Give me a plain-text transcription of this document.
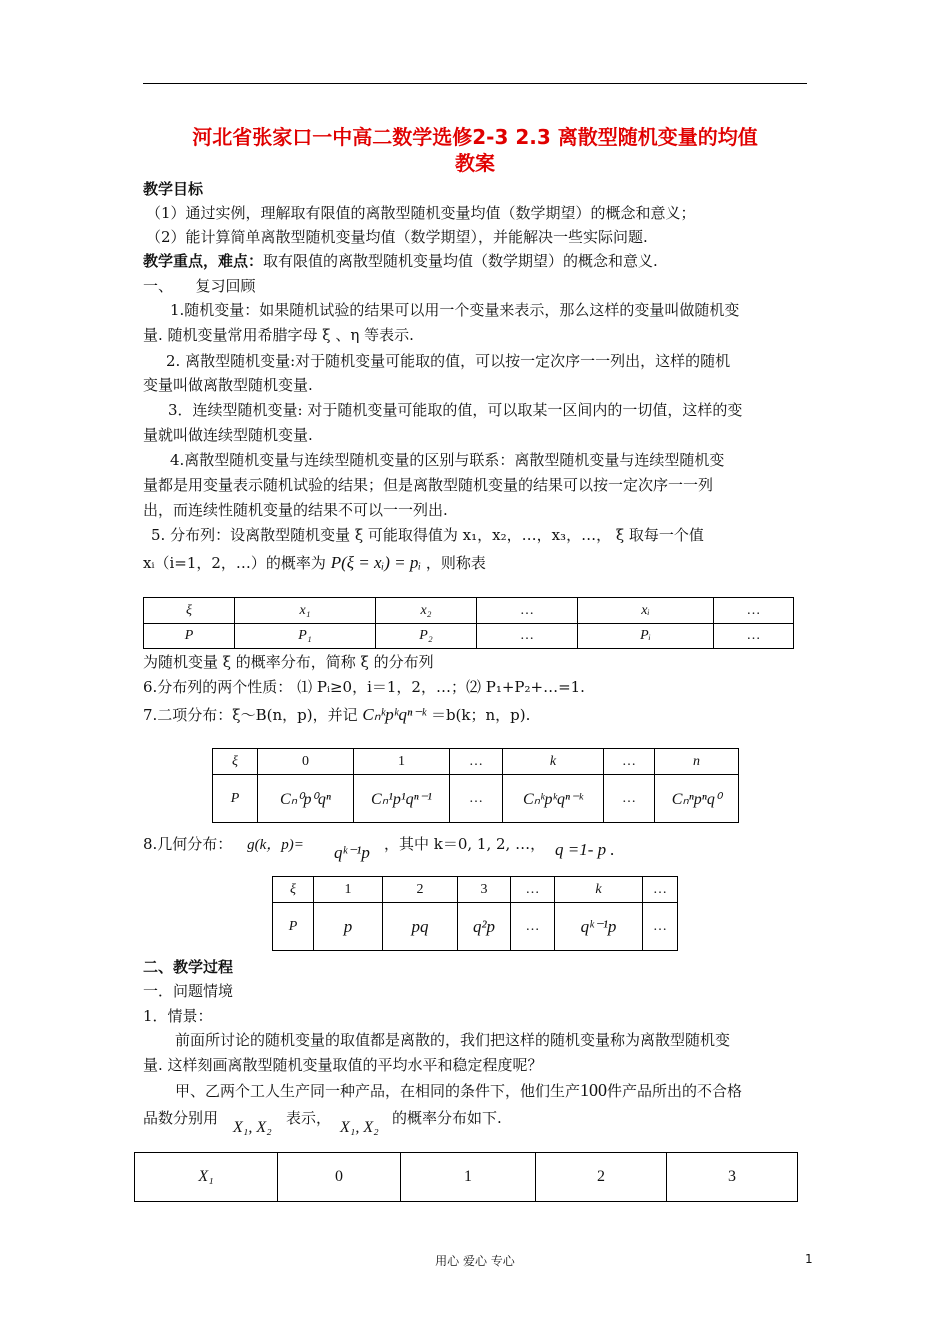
河北省张家口一中高二数学选修2-3 2.3 离散型随机变量的均值
教案
教学目标
（1）通过实例，理解取有限值的离散型随机变量均值（数学期望）的概念和意义；
（2）能计算简单离散型随机变量均值（数学期望），并能解决一些实际问题.
教学重点，难点：取有限值的离散型随机变量均值（数学期望）的概念和意义.
一、　　复习回顾
1.随机变量：如果随机试验的结果可以用一个变量来表示，那么这样的变量叫做随机变
量. 随机变量常用希腊字母 ξ 、η 等表示.
2. 离散型随机变量:对于随机变量可能取的值，可以按一定次序一一列出，这样的随机
变量叫做离散型随机变量.
3．连续型随机变量: 对于随机变量可能取的值，可以取某一区间内的一切值，这样的变
量就叫做连续型随机变量.
4.离散型随机变量与连续型随机变量的区别与联系：离散型随机变量与连续型随机变
量都是用变量表示随机试验的结果；但是离散型随机变量的结果可以按一定次序一一列
出，而连续性随机变量的结果不可以一一列出.
5. 分布列：设离散型随机变量 ξ 可能取得值为 x₁，x₂，…，x₃，…， ξ 取每一个值
xᵢ（i=1，2，…）的概率为 P(ξ = xᵢ) = pᵢ ，则称表
ξ	x₁	x₂	…	xᵢ	…
P	P₁	P₂	…	Pᵢ	…
为随机变量 ξ 的概率分布，简称 ξ 的分布列
6.分布列的两个性质： ⑴ Pᵢ≥0，i＝1，2，…；⑵ P₁+P₂+…=1.
7.二项分布：ξ～B(n，p)，并记 Cₙᵏpᵏqⁿ⁻ᵏ ＝b(k；n，p).
ξ	0	1	…	k	…	n
P	Cₙ⁰p⁰qⁿ	Cₙ¹p¹qⁿ⁻¹	…	Cₙᵏpᵏqⁿ⁻ᵏ	…	Cₙⁿpⁿq⁰
8.几何分布： g(k，p)= qᵏ⁻¹p ，其中 k＝0, 1, 2, …， q =1- p .
ξ	1	2	3	…	k	…
P	p	pq	q²p	…	qᵏ⁻¹p	…
二、教学过程
一．问题情境
1．情景：
前面所讨论的随机变量的取值都是离散的，我们把这样的随机变量称为离散型随机变
量. 这样刻画离散型随机变量取值的平均水平和稳定程度呢？
甲、乙两个工人生产同一种产品，在相同的条件下，他们生产100件产品所出的不合格
品数分别用
X₁, X₂
表示，
X₁, X₂
的概率分布如下.
X₁	0	1	2	3
用心 爱心 专心	1
